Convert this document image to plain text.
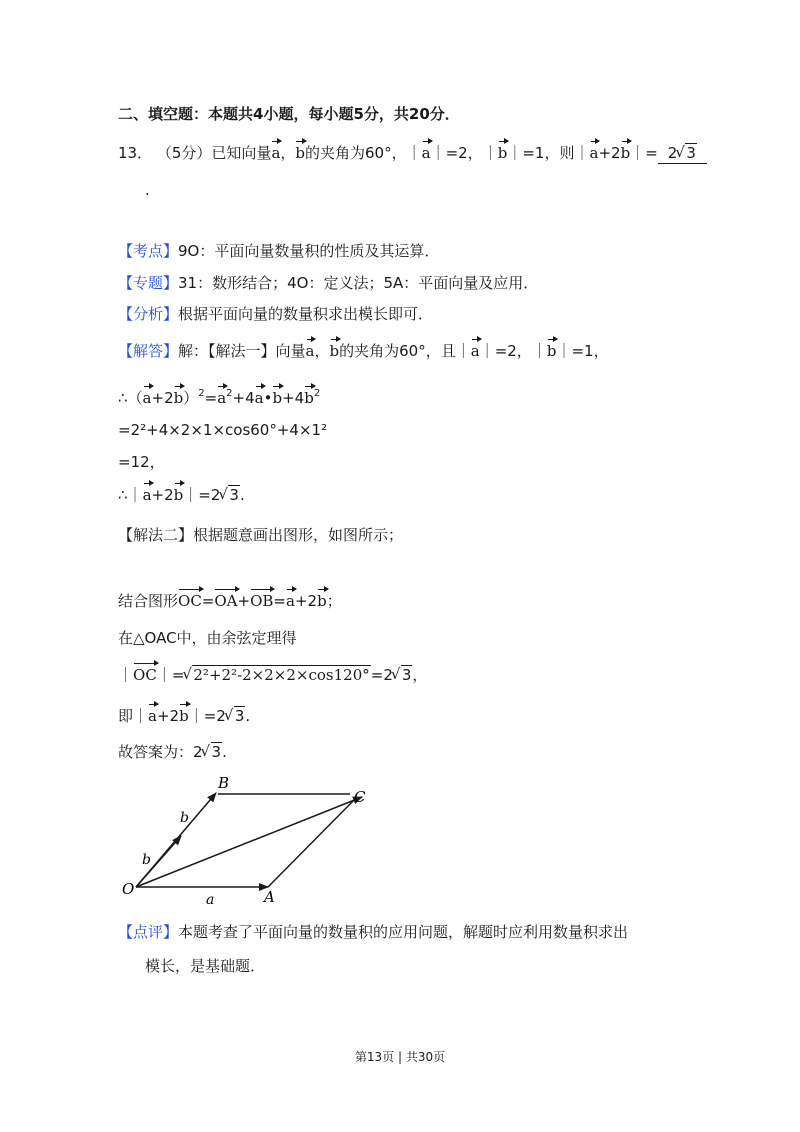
二、填空题：本题共4小题，每小题5分，共20分．
13． （5分）已知向量a，b的夹角为60°，｜a｜=2，｜b｜=1，则｜a+2b｜= 2 √ 3
.
【考点】9O：平面向量数量积的性质及其运算．
【专题】31：数形结合；4O：定义法；5A：平面向量及应用．
【分析】根据平面向量的数量积求出模长即可．
【解答】解：【解法一】向量a，b的夹角为60°，且｜a｜=2，｜b｜=1，
$\therefore(a+2b)^2=a^2+4a•b+4b^2$
=2²+4×2×1×cos60°+4×1²
=12，
∴｜a+2b｜=2 √ 3.
【解法二】根据题意画出图形，如图所示；
结合图形OC=OA+OB=a+2b；
在△OAC中，由余弦定理得
｜OC｜= √ 2²+2²-2×2×2×cos120°=2 √ 3，
即｜a+2b｜=2 √ 3.
故答案为：2 √ 3.
O	A
B
C
a
b
b
【点评】本题考查了平面向量的数量积的应用问题，解题时应利用数量积求出
模长，是基础题．
第13页 | 共30页
